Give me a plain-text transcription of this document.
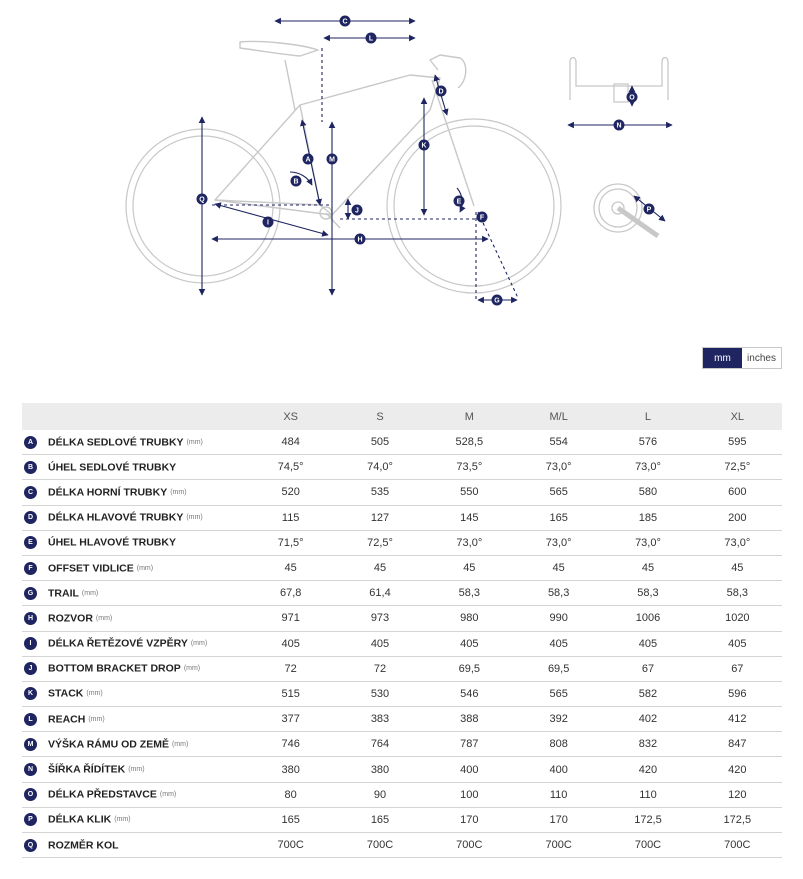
C
L
D
O
N
K
A	M
B
Q	E
J	P
F
I
H
G
mm	inches
	XS	S	M	M/L	L	XL
A DÉLKA SEDLOVÉ TRUBKY (mm)	484	505	528,5	554	576	595
B ÚHEL SEDLOVÉ TRUBKY	74,5°	74,0°	73,5°	73,0°	73,0°	72,5°
C DÉLKA HORNÍ TRUBKY (mm)	520	535	550	565	580	600
D DÉLKA HLAVOVÉ TRUBKY (mm)	115	127	145	165	185	200
E ÚHEL HLAVOVÉ TRUBKY	71,5°	72,5°	73,0°	73,0°	73,0°	73,0°
F OFFSET VIDLICE (mm)	45	45	45	45	45	45
G TRAIL (mm)	67,8	61,4	58,3	58,3	58,3	58,3
H ROZVOR (mm)	971	973	980	990	1006	1020
I DÉLKA ŘETĚZOVÉ VZPĚRY (mm)	405	405	405	405	405	405
J BOTTOM BRACKET DROP (mm)	72	72	69,5	69,5	67	67
K STACK (mm)	515	530	546	565	582	596
L REACH (mm)	377	383	388	392	402	412
M VÝŠKA RÁMU OD ZEMĚ (mm)	746	764	787	808	832	847
N ŠÍŘKA ŘÍDÍTEK (mm)	380	380	400	400	420	420
O DÉLKA PŘEDSTAVCE (mm)	80	90	100	110	110	120
P DÉLKA KLIK (mm)	165	165	170	170	172,5	172,5
Q ROZMĚR KOL	700C	700C	700C	700C	700C	700C
